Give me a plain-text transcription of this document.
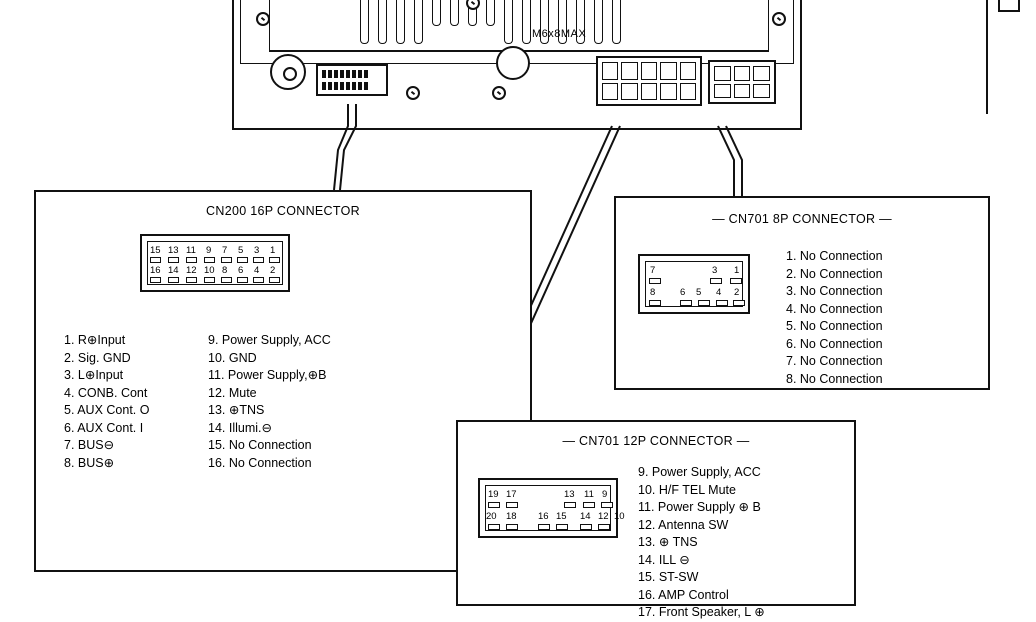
M6x8MAX
CN200 16P CONNECTOR
15 13 11 9 7 5 3 1
16 14 12 10 8 6 4 2
1. R⊕Input
2. Sig. GND
3. L⊕Input
4. CONB. Cont
5. AUX Cont. O
6. AUX Cont. I
7. BUS⊖
8. BUS⊕
9. Power Supply, ACC
10. GND
11. Power Supply,⊕B
12. Mute
13. ⊕TNS
14. Illumi.⊖
15. No Connection
16. No Connection
— CN701 8P CONNECTOR —
7	3 1
8	6 5 4 2
1. No Connection
2. No Connection
3. No Connection
4. No Connection
5. No Connection
6. No Connection
7. No Connection
8. No Connection
— CN701 12P CONNECTOR —
19 17	13 11 9
20 18 16 15 14 12 10
9. Power Supply, ACC
10. H/F TEL Mute
11. Power Supply ⊕ B
12. Antenna SW
13. ⊕ TNS
14. ILL ⊖
15. ST-SW
16. AMP Control
17. Front Speaker, L ⊕
